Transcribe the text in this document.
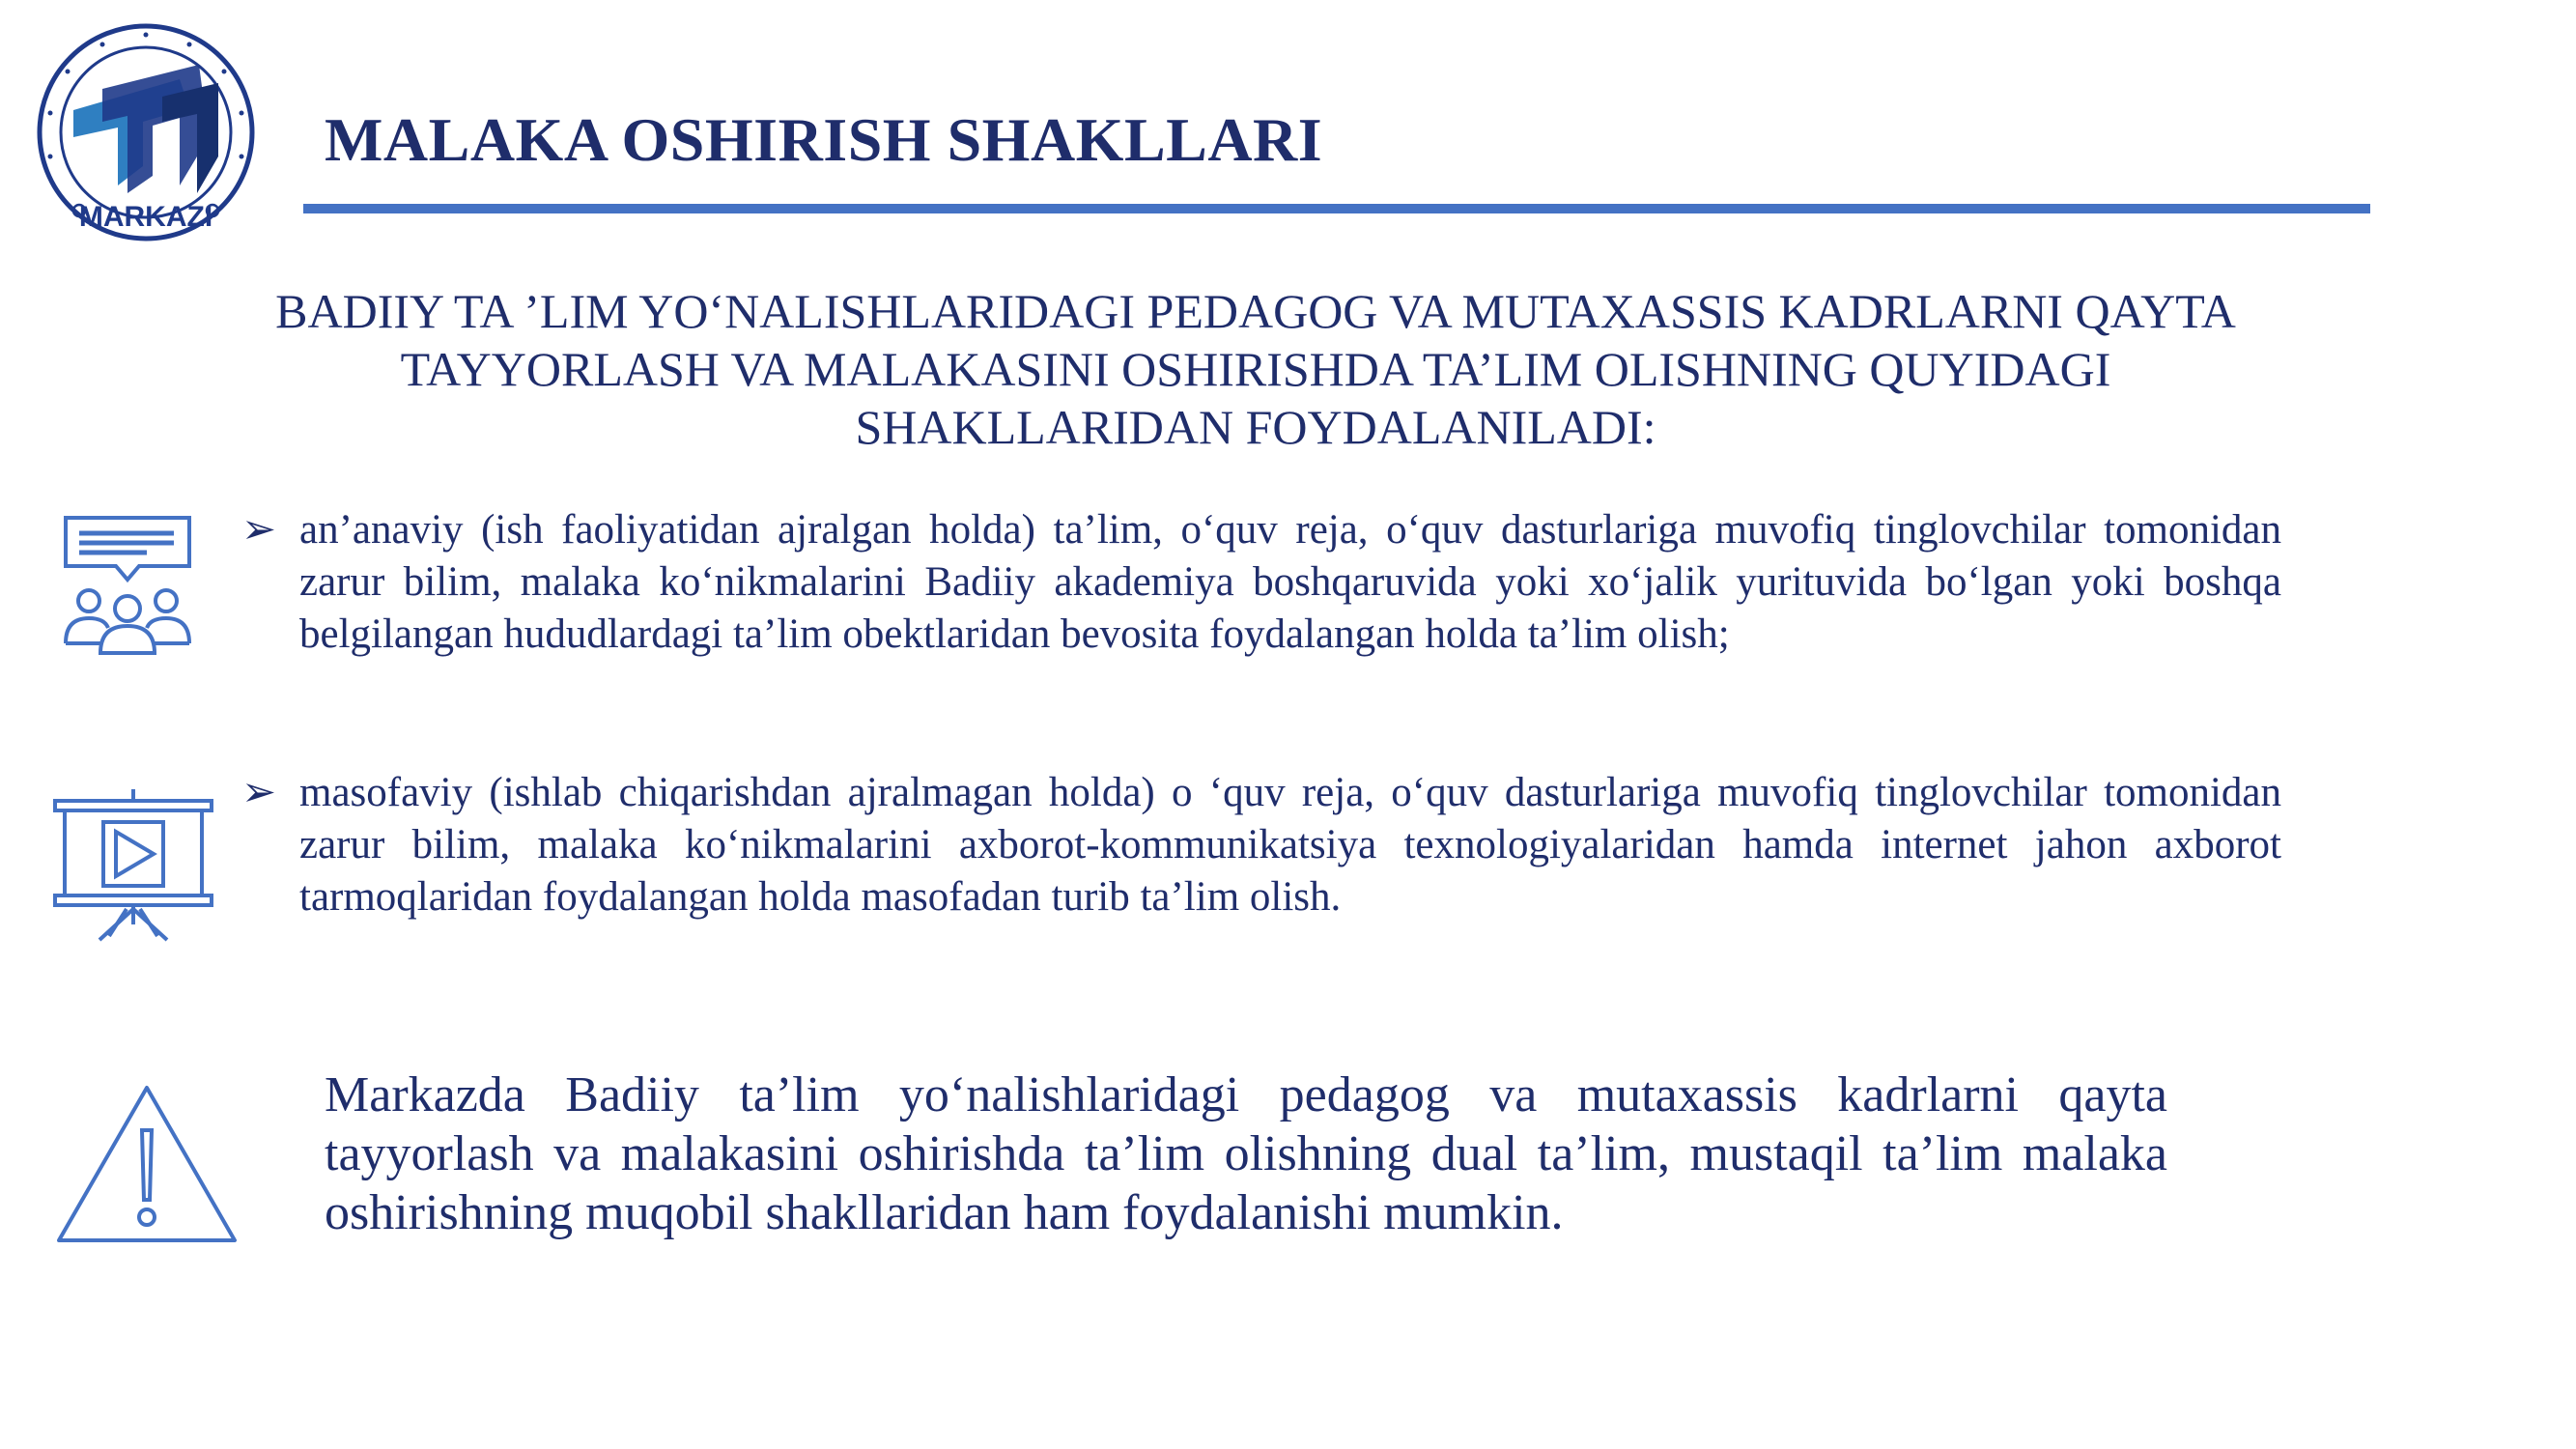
MARKAZI
MALAKA OSHIRISH SHAKLLARI
BADIIY TA ’LIM YO‘NALISHLARIDAGI PEDAGOG VA MUTAXASSIS KADRLARNI QAYTA TAYYORLASH VA MALAKASINI OSHIRISHDA TA’LIM OLISHNING QUYIDAGI SHAKLLARIDAN FOYDALANILADI:
➢ an’anaviy (ish faoliyatidan ajralgan holda) ta’lim, o‘quv reja, o‘quv dasturlariga muvofiq tinglovchilar tomonidan zarur bilim, malaka ko‘nikmalarini Badiiy akademiya boshqaruvida yoki xo‘jalik yurituvida bo‘lgan yoki boshqa belgilangan hududlardagi ta’lim obektlaridan bevosita foydalangan holda ta’lim olish;
➢ masofaviy (ishlab chiqarishdan ajralmagan holda) o ‘quv reja, o‘quv dasturlariga muvofiq tinglovchilar tomonidan zarur bilim, malaka ko‘nikmalarini axborot-kommunikatsiya texnologiyalaridan hamda internet jahon axborot tarmoqlaridan foydalangan holda masofadan turib ta’lim olish.

Markazda Badiiy ta’lim yo‘nalishlaridagi pedagog va mutaxassis kadrlarni qayta tayyorlash va malakasini oshirishda ta’lim olishning dual ta’lim, mustaqil ta’lim malaka oshirishning muqobil shakllaridan ham foydalanishi mumkin.
